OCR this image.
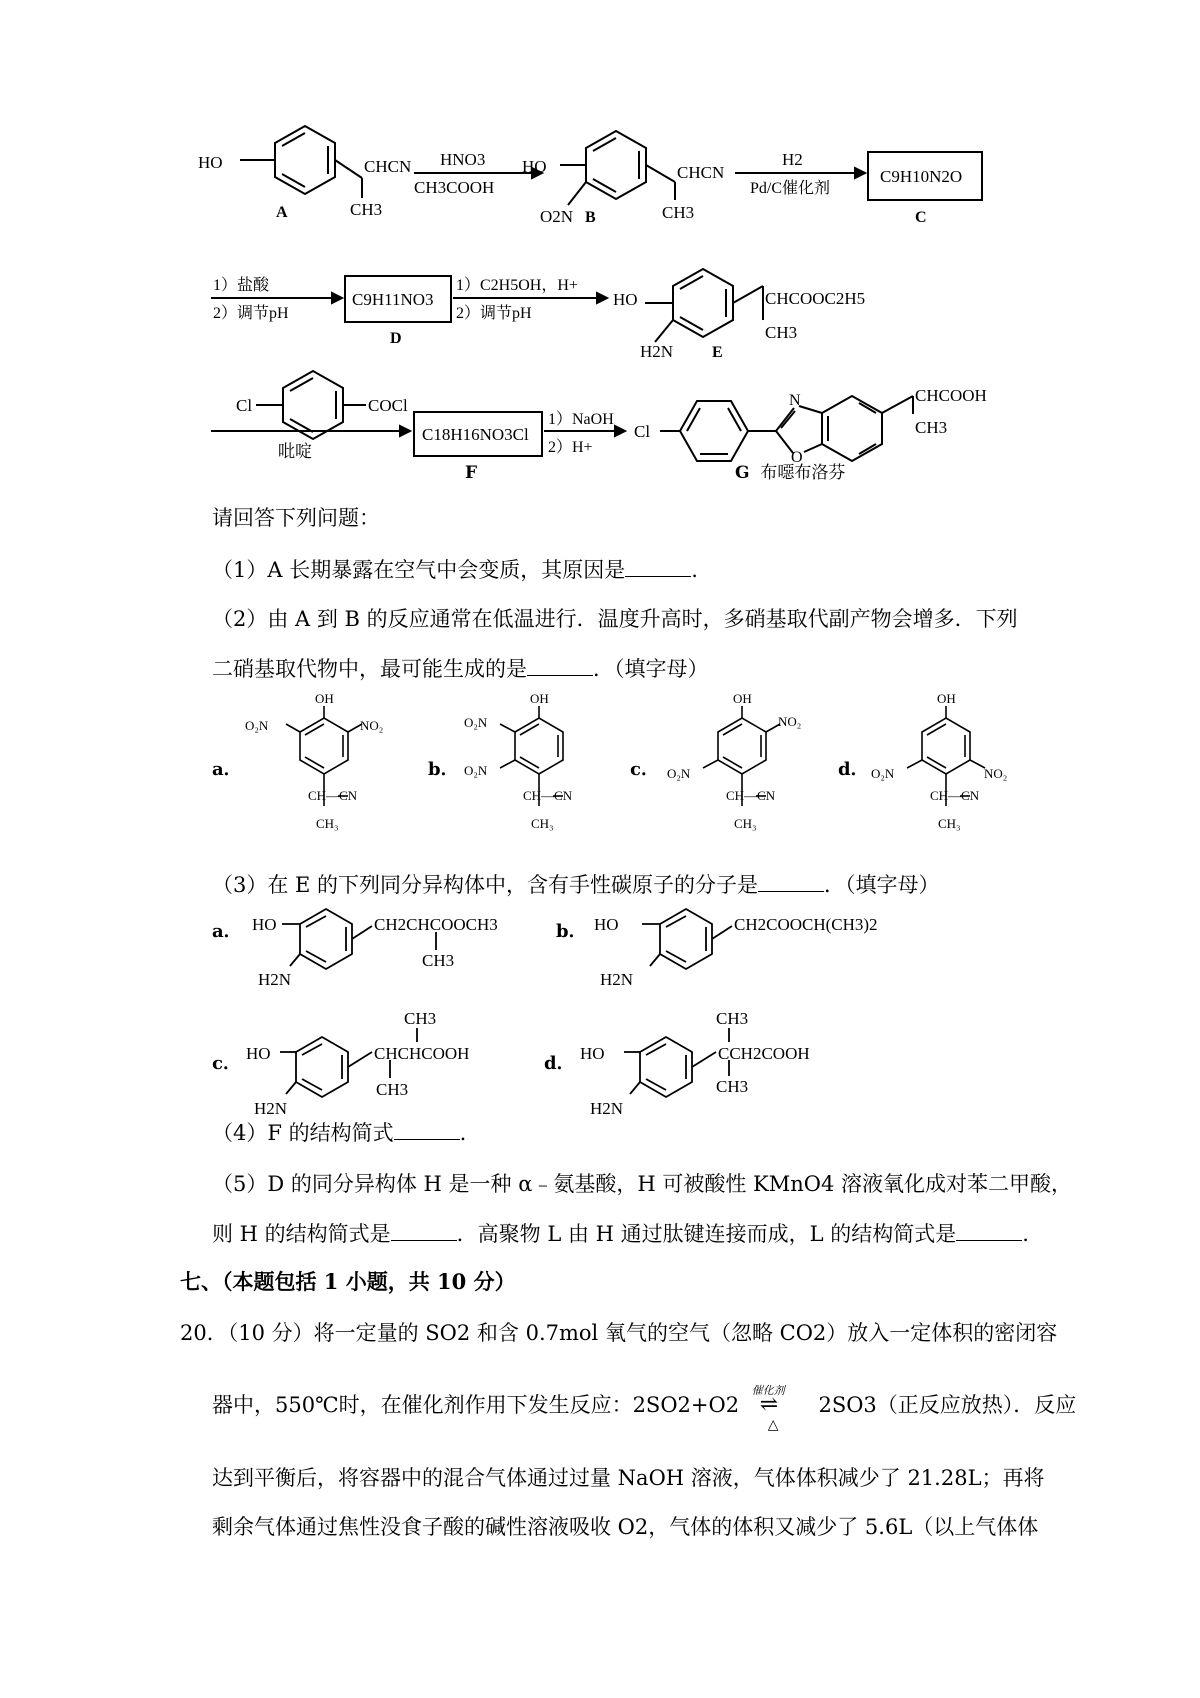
HO	CHCN
CH3
A
HNO3
CH3COOH
HO
O2N B
CHCN
CH3
H2
Pd/C催化剂
C9H10N2O
C
1）盐酸
2）调节pH
C9H11NO3
D
1）C2H5OH，H+
2）调节pH
HO
H2N E
CHCOOC2H5
CH3
Cl	COCl
吡啶
C18H16NO3Cl
1）NaOH
2）H+
Cl
N
O
CHCOOH
CH3
F	G 布噁布洛芬
请回答下列问题：
（1）A 长期暴露在空气中会变质，其原因是	.
（2）由 A 到 B 的反应通常在低温进行．温度升高时，多硝基取代副产物会增多．下列
二硝基取代物中，最可能生成的是	．（填字母）
OH
O₂N	NO₂
CH—CN
CH₃
OH
O₂N
O₂N
CH—CN
CH₃
OH
NO₂
O₂N
CH—CN
CH₃
OH
O₂N	NO₂
CH—CN
CH₃
a．	b．	c．	d．
（3）在 E 的下列同分异构体中，含有手性碳原子的分子是	．（填字母）
HO
H2N
CH2CHCOOCH3
CH3
HO
H2N
CH2COOCH(CH3)2
HO
H2N
CH3
CHCHCOOH
CH3
HO
H2N
CH3
CCH2COOH
CH3
a．	b．
c．	d．
（4）F 的结构简式	.
（5）D 的同分异构体 H 是一种 α﹣氨基酸，H 可被酸性 KMnO4 溶液氧化成对苯二甲酸，
则 H 的结构简式是	．高聚物 L 由 H 通过肽键连接而成，L 的结构简式是	.
七、（本题包括 1 小题，共 10 分）
20．（10 分）将一定量的 SO2 和含 0.7mol 氧气的空气（忽略 CO2）放入一定体积的密闭容
器中，550℃时，在催化剂作用下发生反应：2SO2+O2
催化剂
⇌
△
2SO3（正反应放热）．反应
达到平衡后，将容器中的混合气体通过过量 NaOH 溶液，气体体积减少了 21.28L；再将
剩余气体通过焦性没食子酸的碱性溶液吸收 O2，气体的体积又减少了 5.6L（以上气体体
